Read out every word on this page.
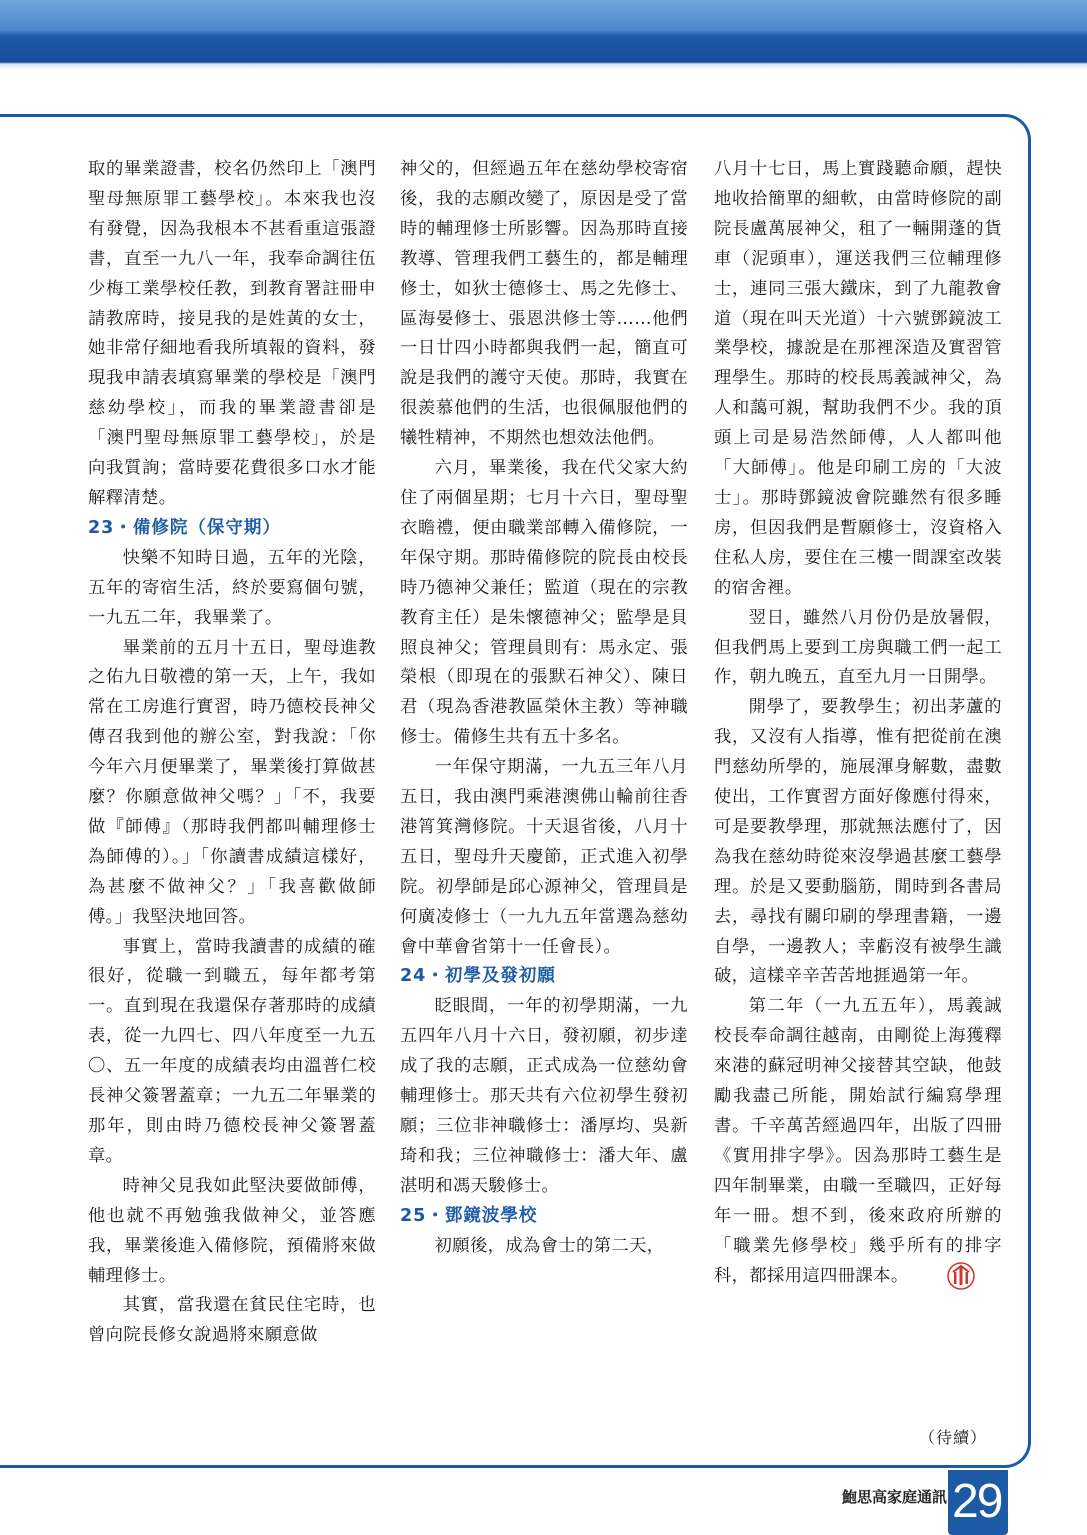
取的畢業證書，校名仍然印上「澳門聖母無原罪工藝學校」。本來我也沒有發覺，因為我根本不甚看重這張證書，直至一九八一年，我奉命調往伍少梅工業學校任教，到教育署註冊申請教席時，接見我的是姓黃的女士，她非常仔細地看我所填報的資料，發現我申請表填寫畢業的學校是「澳門慈幼學校」，而我的畢業證書卻是「澳門聖母無原罪工藝學校」，於是向我質詢；當時要花費很多口水才能解釋清楚。

23・備修院（保守期）

快樂不知時日過，五年的光陰，五年的寄宿生活，終於要寫個句號，一九五二年，我畢業了。

畢業前的五月十五日，聖母進教之佑九日敬禮的第一天，上午，我如常在工房進行實習，時乃德校長神父傳召我到他的辦公室，對我說：「你今年六月便畢業了，畢業後打算做甚麼？你願意做神父嗎？」「不，我要做『師傅』（那時我們都叫輔理修士為師傅的）。」「你讀書成績這樣好，為甚麼不做神父？」「我喜歡做師傅。」我堅決地回答。

事實上，當時我讀書的成績的確很好，從職一到職五，每年都考第一。直到現在我還保存著那時的成績表，從一九四七、四八年度至一九五〇、五一年度的成績表均由溫普仁校長神父簽署蓋章；一九五二年畢業的那年，則由時乃德校長神父簽署蓋章。

時神父見我如此堅決要做師傅，他也就不再勉強我做神父，並答應我，畢業後進入備修院，預備將來做輔理修士。

其實，當我還在貧民住宅時，也曾向院長修女說過將來願意做

神父的，但經過五年在慈幼學校寄宿後，我的志願改變了，原因是受了當時的輔理修士所影響。因為那時直接教導、管理我們工藝生的，都是輔理修士，如狄士德修士、馬之先修士、區海晏修士、張恩洪修士等……他們一日廿四小時都與我們一起，簡直可說是我們的護守天使。那時，我實在很羨慕他們的生活，也很佩服他們的犧牲精神，不期然也想效法他們。

六月，畢業後，我在代父家大約住了兩個星期；七月十六日，聖母聖衣瞻禮，便由職業部轉入備修院，一年保守期。那時備修院的院長由校長時乃德神父兼任；監道（現在的宗教教育主任）是朱懷德神父；監學是貝照良神父；管理員則有：馬永定、張榮根（即現在的張默石神父）、陳日君（現為香港教區榮休主教）等神職修士。備修生共有五十多名。

一年保守期滿，一九五三年八月五日，我由澳門乘港澳佛山輪前往香港筲箕灣修院。十天退省後，八月十五日，聖母升天慶節，正式進入初學院。初學師是邱心源神父，管理員是何廣凌修士（一九九五年當選為慈幼會中華會省第十一任會長）。

24・初學及發初願

眨眼間，一年的初學期滿，一九五四年八月十六日，發初願，初步達成了我的志願，正式成為一位慈幼會輔理修士。那天共有六位初學生發初願；三位非神職修士：潘厚均、吳新琦和我；三位神職修士：潘大年、盧湛明和馮天駿修士。

25・鄧鏡波學校

初願後，成為會士的第二天，

八月十七日，馬上實踐聽命願，趕快地收拾簡單的細軟，由當時修院的副院長盧萬展神父，租了一輛開蓬的貨車（泥頭車），運送我們三位輔理修士，連同三張大鐵床，到了九龍教會道（現在叫天光道）十六號鄧鏡波工業學校，據說是在那裡深造及實習管理學生。那時的校長馬義誠神父，為人和藹可親，幫助我們不少。我的頂頭上司是易浩然師傅，人人都叫他「大師傅」。他是印刷工房的「大波士」。那時鄧鏡波會院雖然有很多睡房，但因我們是暫願修士，沒資格入住私人房，要住在三樓一間課室改裝的宿舍裡。

翌日，雖然八月份仍是放暑假，但我們馬上要到工房與職工們一起工作，朝九晚五，直至九月一日開學。

開學了，要教學生；初出茅蘆的我，又沒有人指導，惟有把從前在澳門慈幼所學的，施展渾身解數，盡數使出，工作實習方面好像應付得來，可是要教學理，那就無法應付了，因為我在慈幼時從來沒學過甚麼工藝學理。於是又要動腦筋，閒時到各書局去，尋找有關印刷的學理書籍，一邊自學，一邊教人；幸虧沒有被學生識破，這樣辛辛苦苦地捱過第一年。

第二年（一九五五年），馬義誠校長奉命調往越南，由剛從上海獲釋來港的蘇冠明神父接替其空缺，他鼓勵我盡己所能，開始試行編寫學理書。千辛萬苦經過四年，出版了四冊《實用排字學》。因為那時工藝生是四年制畢業，由職一至職四，正好每年一冊。想不到，後來政府所辦的「職業先修學校」幾乎所有的排字科，都採用這四冊課本。

（待續）
鮑思高家庭通訊 29
